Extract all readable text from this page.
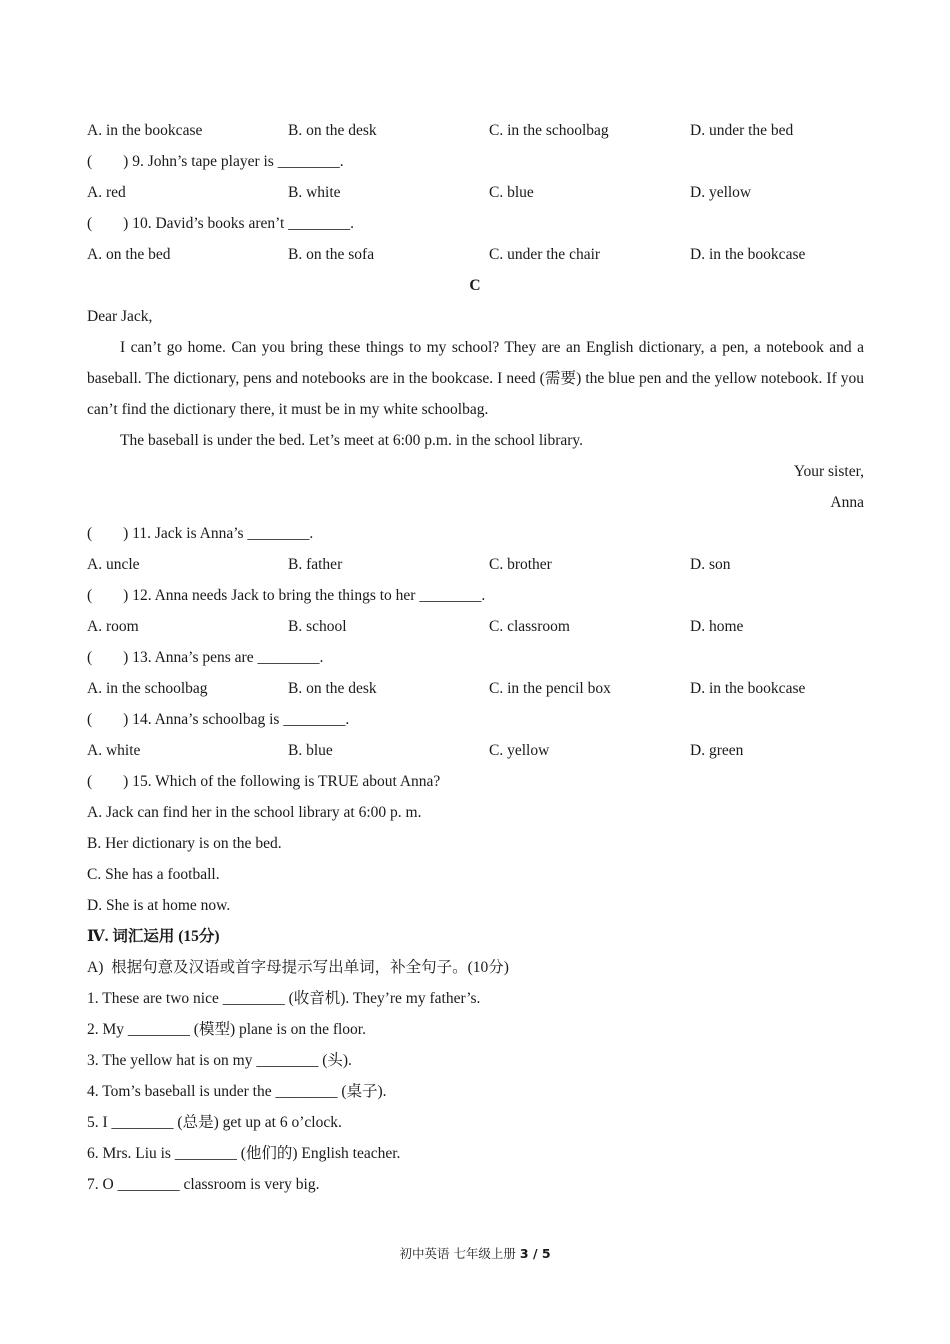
A. in the bookcase	B. on the desk	C. in the schoolbag	D. under the bed
(        ) 9. John’s tape player is ________.
A. red	B. white	C. blue	D. yellow
(        ) 10. David’s books aren’t ________.
A. on the bed	B. on the sofa	C. under the chair	D. in the bookcase
C
Dear Jack,
I can’t go home. Can you bring these things to my school? They are an English dictionary, a pen, a notebook and a baseball. The dictionary, pens and notebooks are in the bookcase. I need (需要) the blue pen and the yellow notebook. If you can’t find the dictionary there, it must be in my white schoolbag.
The baseball is under the bed. Let’s meet at 6:00 p.m. in the school library.
Your sister,
Anna
(        ) 11. Jack is Anna’s ________.
A. uncle	B. father	C. brother	D. son
(        ) 12. Anna needs Jack to bring the things to her ________.
A. room	B. school	C. classroom	D. home
(        ) 13. Anna’s pens are ________.
A. in the schoolbag	B. on the desk	C. in the pencil box	D. in the bookcase
(        ) 14. Anna’s schoolbag is ________.
A. white	B. blue	C. yellow	D. green
(        ) 15. Which of the following is TRUE about Anna?
A. Jack can find her in the school library at 6:00 p. m.
B. Her dictionary is on the bed.
C. She has a football.
D. She is at home now.
Ⅳ. 词汇运用 (15分)
A)  根据句意及汉语或首字母提示写出单词，补全句子。(10分)
1. These are two nice ________ (收音机). They’re my father’s.
2. My ________ (模型) plane is on the floor.
3. The yellow hat is on my ________ (头).
4. Tom’s baseball is under the ________ (桌子).
5. I ________ (总是) get up at 6 o’clock.
6. Mrs. Liu is ________ (他们的) English teacher.
7. O ________ classroom is very big.
初中英语 七年级上册 3 / 5
